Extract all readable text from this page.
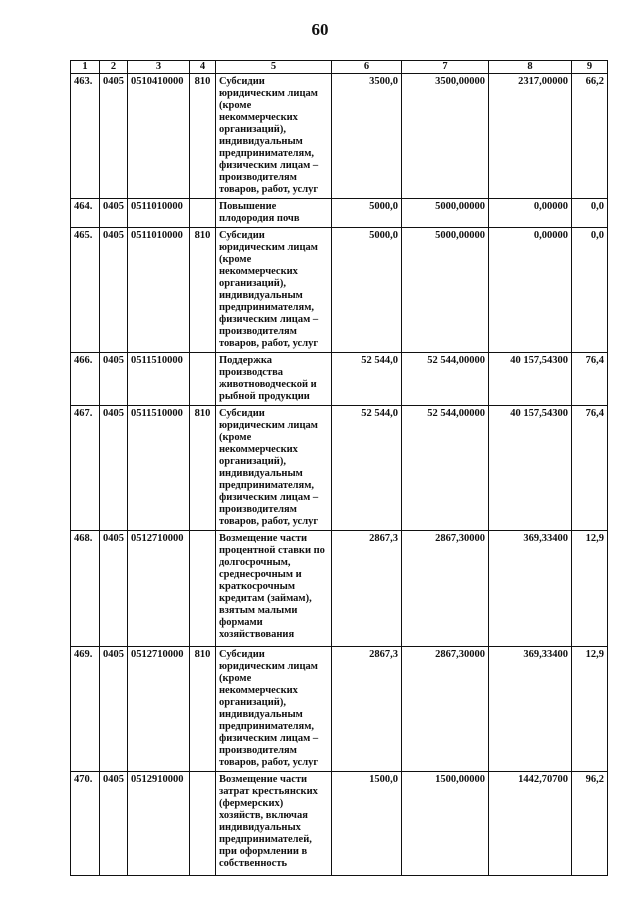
60
1	2	3	4	5	6	7	8	9
463.	0405	0510410000	810	Субсидии юридическим лицам (кроме некоммерческих организаций), индивидуальным предпринимателям, физическим лицам – производителям товаров, работ, услуг	3500,0	3500,00000	2317,00000	66,2
464.	0405	0511010000		Повышение плодородия почв	5000,0	5000,00000	0,00000	0,0
465.	0405	0511010000	810	Субсидии юридическим лицам (кроме некоммерческих организаций), индивидуальным предпринимателям, физическим лицам – производителям товаров, работ, услуг	5000,0	5000,00000	0,00000	0,0
466.	0405	0511510000		Поддержка производства животноводческой и рыбной продукции	52 544,0	52 544,00000	40 157,54300	76,4
467.	0405	0511510000	810	Субсидии юридическим лицам (кроме некоммерческих организаций), индивидуальным предпринимателям, физическим лицам – производителям товаров, работ, услуг	52 544,0	52 544,00000	40 157,54300	76,4
468.	0405	0512710000		Возмещение части процентной ставки по долгосрочным, среднесрочным и краткосрочным кредитам (займам), взятым малыми формами хозяйствования	2867,3	2867,30000	369,33400	12,9
469.	0405	0512710000	810	Субсидии юридическим лицам (кроме некоммерческих организаций), индивидуальным предпринимателям, физическим лицам – производителям товаров, работ, услуг	2867,3	2867,30000	369,33400	12,9
470.	0405	0512910000		Возмещение части затрат крестьянских (фермерских) хозяйств, включая индивидуальных предпринимателей, при оформлении в собственность	1500,0	1500,00000	1442,70700	96,2
